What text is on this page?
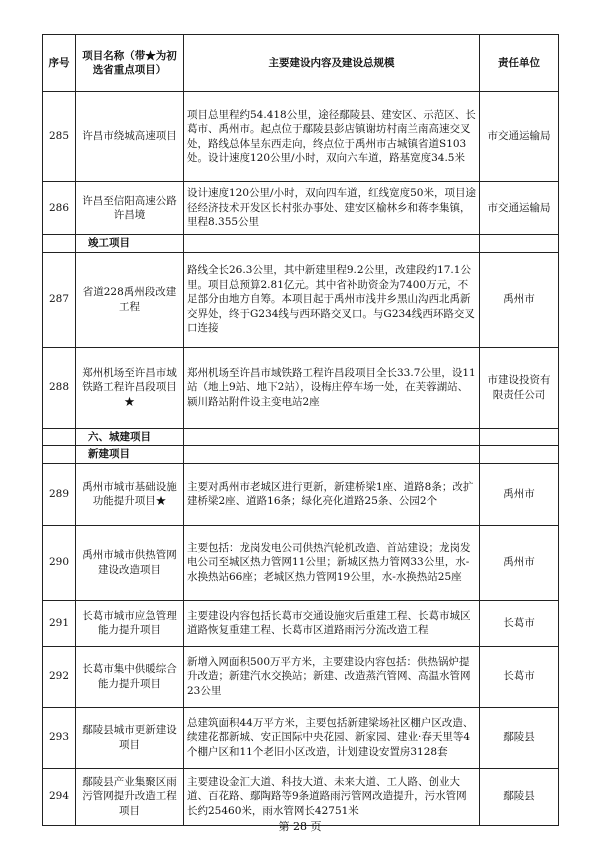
序号	项目名称（带★为初选省重点项目）	主要建设内容及建设总规模	责任单位
285	许昌市绕城高速项目	项目总里程约54.418公里，途径鄢陵县、建安区、示范区、长葛市、禹州市。起点位于鄢陵县彭店镇谢坊村南兰南高速交叉处，路线总体呈东西走向，终点位于禹州市古城镇省道S103处。设计速度120公里/小时，双向六车道，路基宽度34.5米	市交通运输局
286	许昌至信阳高速公路许昌境	设计速度120公里/小时，双向四车道，红线宽度50米，项目途径经济技术开发区长村张办事处、建安区榆林乡和蒋李集镇，里程8.355公里	市交通运输局
	竣工项目		
287	省道228禹州段改建工程	路线全长26.3公里，其中新建里程9.2公里，改建段约17.1公里。项目总预算2.81亿元。其中省补助资金为7400万元，不足部分由地方自筹。本项目起于禹州市浅井乡黑山沟西北禹新交界处，终于G234线与西环路交叉口。与G234线西环路交叉口连接	禹州市
288	郑州机场至许昌市域铁路工程许昌段项目★	郑州机场至许昌市域铁路工程许昌段项目全长33.7公里，设11站（地上9站、地下2站），设梅庄停车场一处，在芙蓉湖站、颍川路站附件设主变电站2座	市建设投资有限责任公司
	六、城建项目		
	新建项目		
289	禹州市城市基础设施功能提升项目★	主要对禹州市老城区进行更新，新建桥梁1座、道路8条；改扩建桥梁2座、道路16条；绿化亮化道路25条、公园2个	禹州市
290	禹州市城市供热管网建设改造项目	主要包括：龙岗发电公司供热汽轮机改造、首站建设；龙岗发电公司至城区热力管网11公里；新城区热力管网33公里，水-水换热站66座；老城区热力管网19公里，水-水换热站25座	禹州市
291	长葛市城市应急管理能力提升项目	主要建设内容包括长葛市交通设施灾后重建工程、长葛市城区道路恢复重建工程、长葛市区道路雨污分流改造工程	长葛市
292	长葛市集中供暖综合能力提升项目	新增入网面积500万平方米，主要建设内容包括：供热锅炉提升改造；新建汽水交换站；新建、改造蒸汽管网、高温水管网23公里	长葛市
293	鄢陵县城市更新建设项目	总建筑面积44万平方米，主要包括新建梁场社区棚户区改造、续建花都新城、安正国际中央花园、新家园、建业·春天里等4个棚户区和11个老旧小区改造，计划建设安置房3128套	鄢陵县
294	鄢陵县产业集聚区雨污管网提升改造工程项目	主要建设金汇大道、科技大道、未来大道、工人路、创业大道、百花路、鄢陶路等9条道路雨污管网改造提升，污水管网长约25460米，雨水管网长42751米	鄢陵县
第 28 页
